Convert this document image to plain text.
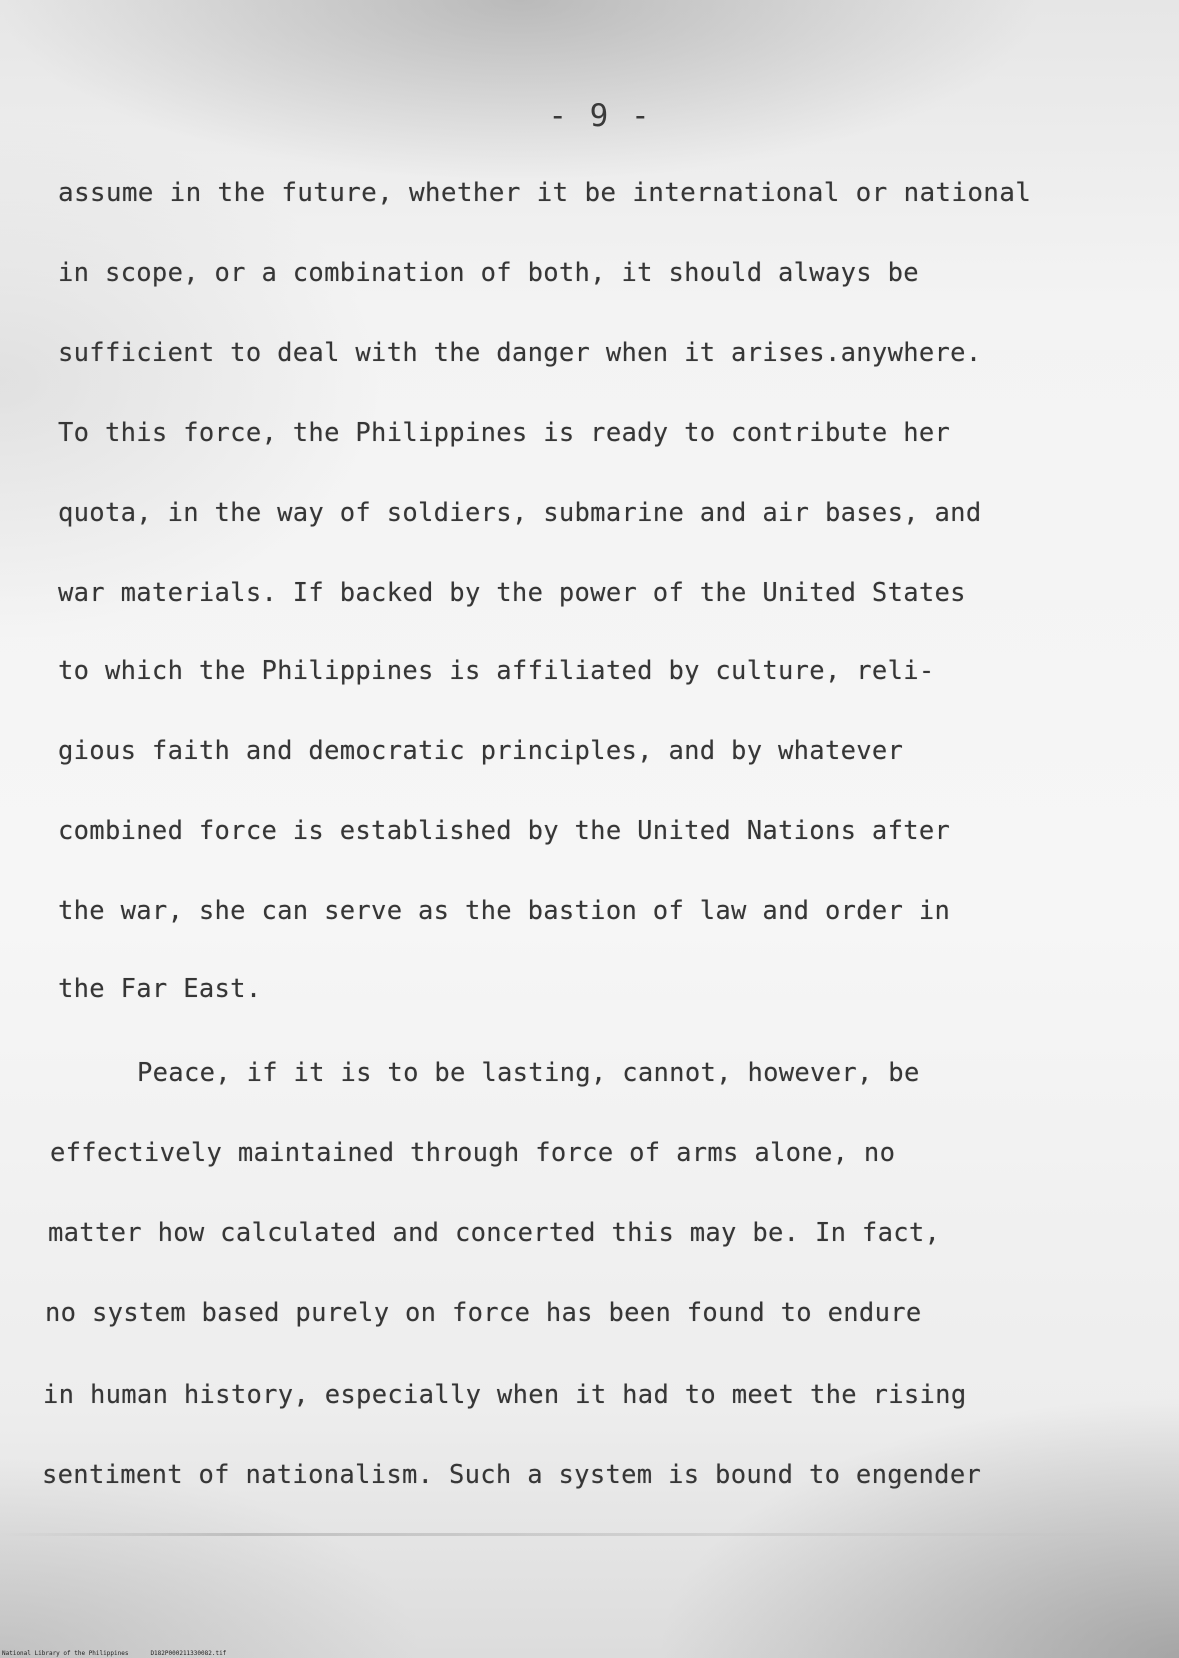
- 9 -
assume in the future, whether it be international or national
in scope, or a combination of both, it should always be
sufficient to deal with the danger when it arises.anywhere.
To this force, the Philippines is ready to contribute her
quota, in the way of soldiers, submarine and air bases, and
war materials. If backed by the power of the United States
to which the Philippines is affiliated by culture, reli-
gious faith and democratic principles, and by whatever
combined force is established by the United Nations after
the war, she can serve as the bastion of law and order in
the Far East.
Peace, if it is to be lasting, cannot, however, be
effectively maintained through force of arms alone, no
matter how calculated and concerted this may be. In fact,
no system based purely on force has been found to endure
in human history, especially when it had to meet the rising
sentiment of nationalism. Such a system is bound to engender
National Library of the Philippines	D182P000211330082.tif
